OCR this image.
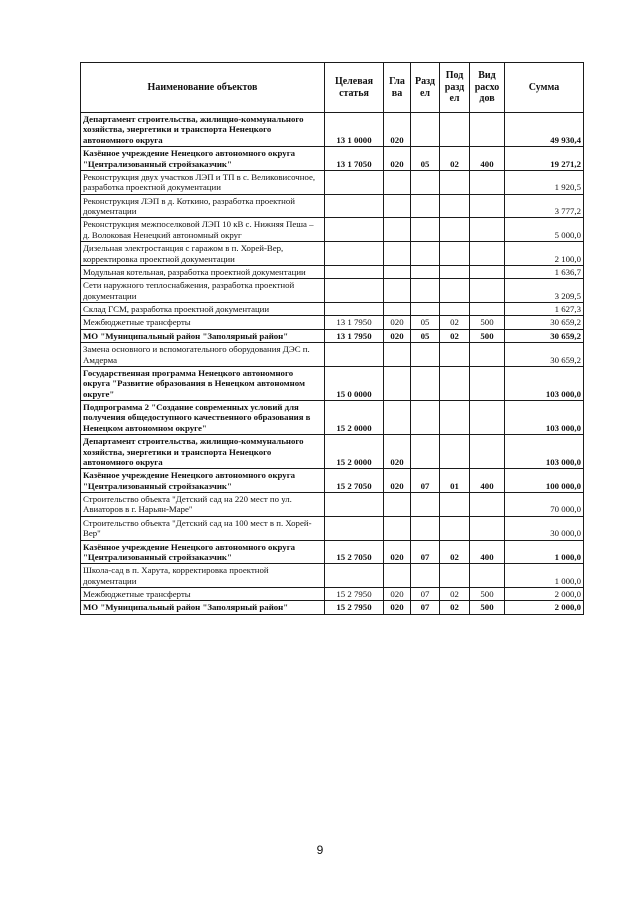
Наименование объектов	Целевая статья	Гла ва	Разд ел	Под разд ел	Вид расхо дов	Сумма
Департамент строительства, жилищно-коммунального хозяйства, энергетики и транспорта Ненецкого автономного округа	13 1 0000	020				49 930,4
Казённое учреждение Ненецкого автономного округа "Централизованный стройзаказчик"	13 1 7050	020	05	02	400	19 271,2
Реконструкция двух участков ЛЭП и ТП в с. Великовисочное, разработка проектной документации						1 920,5
Реконструкция ЛЭП в д. Коткино, разработка проектной документации						3 777,2
Реконструкция межпоселковой ЛЭП 10 кВ с. Нижняя Пеша – д. Волоковая Ненецкий автономный округ						5 000,0
Дизельная электростанция с гаражом в п. Хорей-Вер, корректировка проектной документации						2 100,0
Модульная котельная, разработка проектной документации						1 636,7
Сети наружного теплоснабжения, разработка проектной документации						3 209,5
Склад ГСМ, разработка проектной документации						1 627,3
Межбюджетные трансферты	13 1 7950	020	05	02	500	30 659,2
МО "Муниципальный район "Заполярный район"	13 1 7950	020	05	02	500	30 659,2
Замена основного и вспомогательного оборудования ДЭС п. Амдерма						30 659,2
Государственная программа Ненецкого автономного округа "Развитие образования в Ненецком автономном округе"	15 0 0000					103 000,0
Подпрограмма 2 "Создание современных условий для получения общедоступного качественного образования в Ненецком автономном округе"	15 2 0000					103 000,0
Департамент строительства, жилищно-коммунального хозяйства, энергетики и транспорта Ненецкого автономного округа	15 2 0000	020				103 000,0
Казённое учреждение Ненецкого автономного округа "Централизованный стройзаказчик"	15 2 7050	020	07	01	400	100 000,0
Строительство объекта "Детский сад на 220 мест по ул. Авиаторов в г. Нарьян-Маре"						70 000,0
Строительство объекта "Детский сад на 100 мест в п. Хорей-Вер"						30 000,0
Казённое учреждение Ненецкого автономного округа "Централизованный стройзаказчик"	15 2 7050	020	07	02	400	1 000,0
Школа-сад в п. Харута, корректировка проектной документации						1 000,0
Межбюджетные трансферты	15 2 7950	020	07	02	500	2 000,0
МО "Муниципальный район "Заполярный район"	15 2 7950	020	07	02	500	2 000,0
9
